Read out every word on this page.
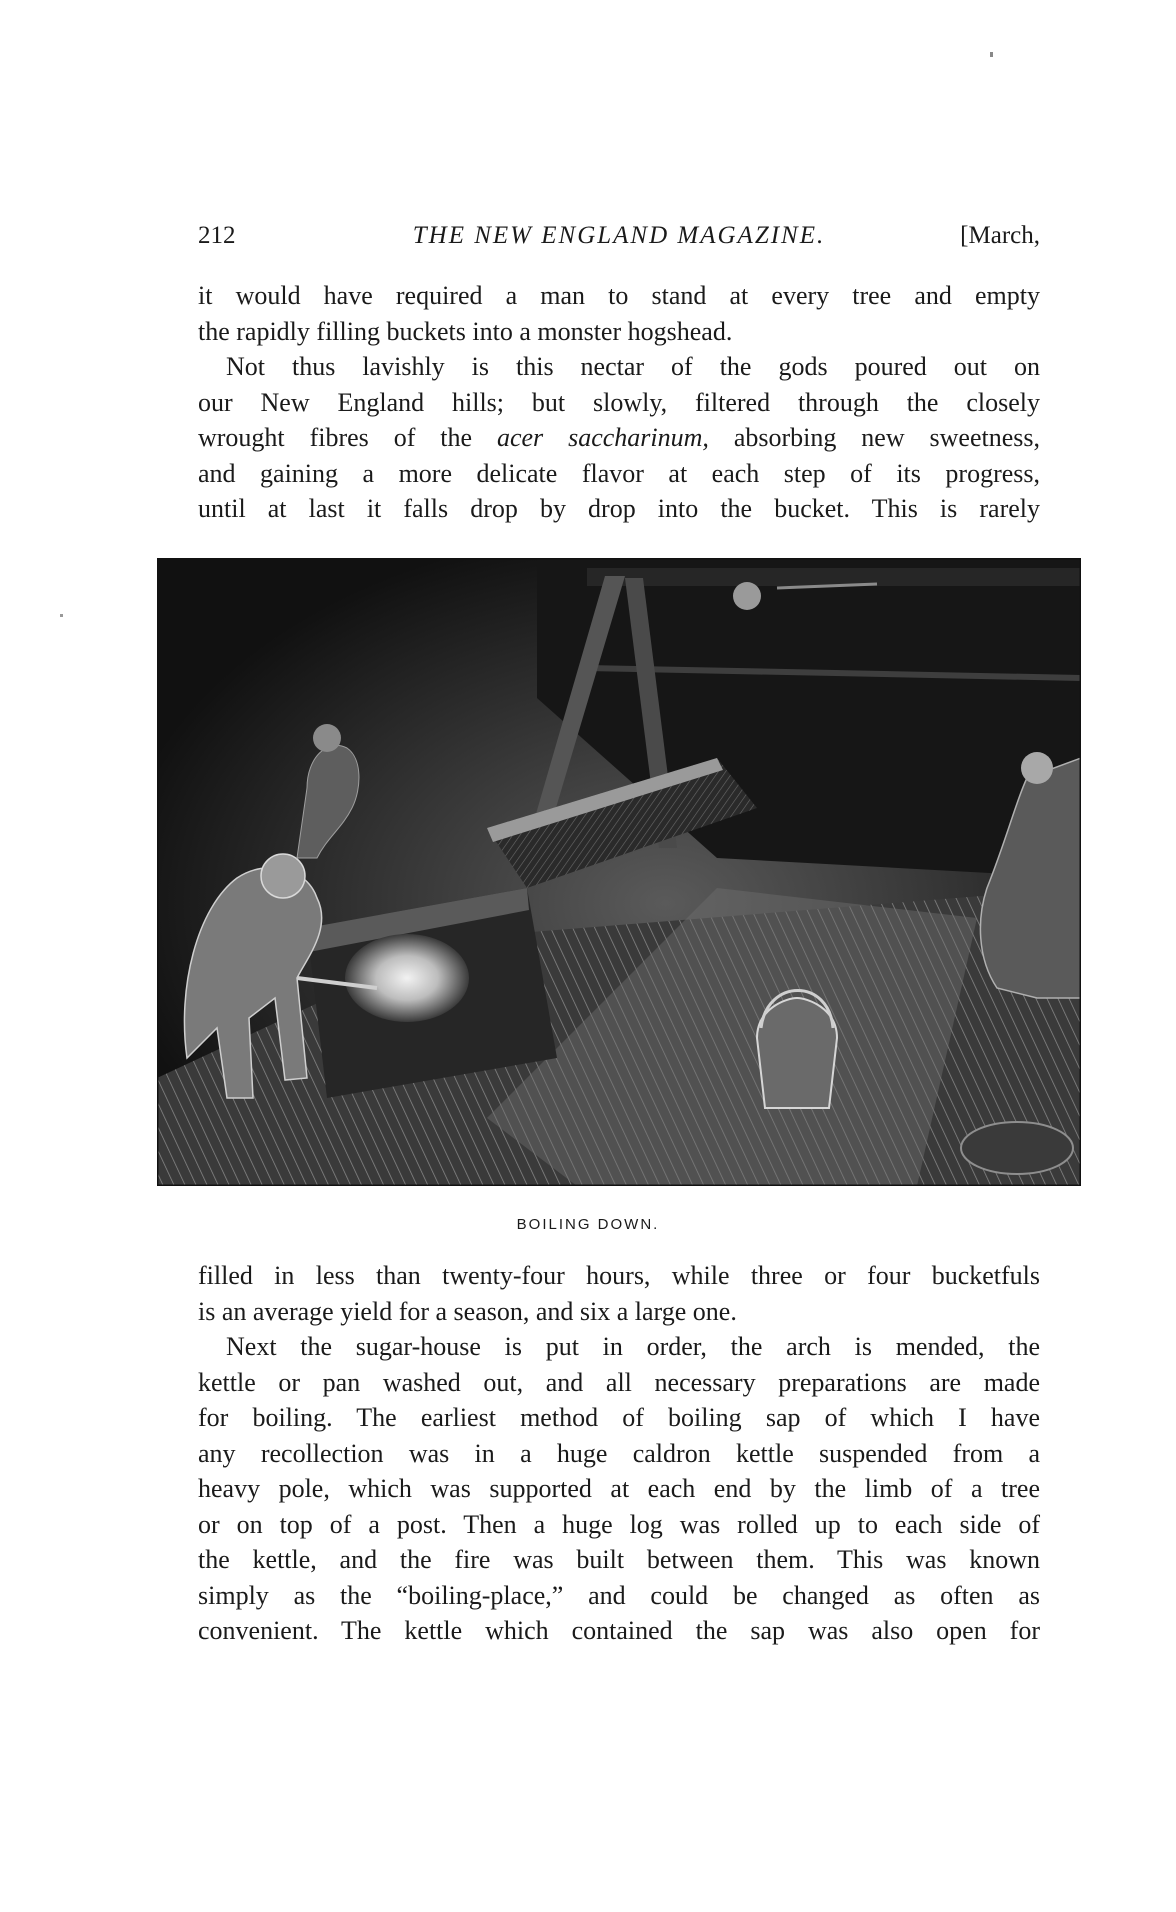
212	THE NEW ENGLAND MAGAZINE.	[March,
it would have required a man to stand at every tree and empty
the rapidly filling buckets into a monster hogshead.
Not thus lavishly is this nectar of the gods poured out on
our New England hills; but slowly, filtered through the closely
wrought fibres of the acer saccharinum, absorbing new sweetness,
and gaining a more delicate flavor at each step of its progress,
until at last it falls drop by drop into the bucket. This is rarely
BOILING DOWN.
filled in less than twenty-four hours, while three or four bucketfuls
is an average yield for a season, and six a large one.
Next the sugar-house is put in order, the arch is mended, the
kettle or pan washed out, and all necessary preparations are made
for boiling. The earliest method of boiling sap of which I have
any recollection was in a huge caldron kettle suspended from a
heavy pole, which was supported at each end by the limb of a tree
or on top of a post. Then a huge log was rolled up to each side of
the kettle, and the fire was built between them. This was known
simply as the “boiling-place,” and could be changed as often as
convenient. The kettle which contained the sap was also open for
